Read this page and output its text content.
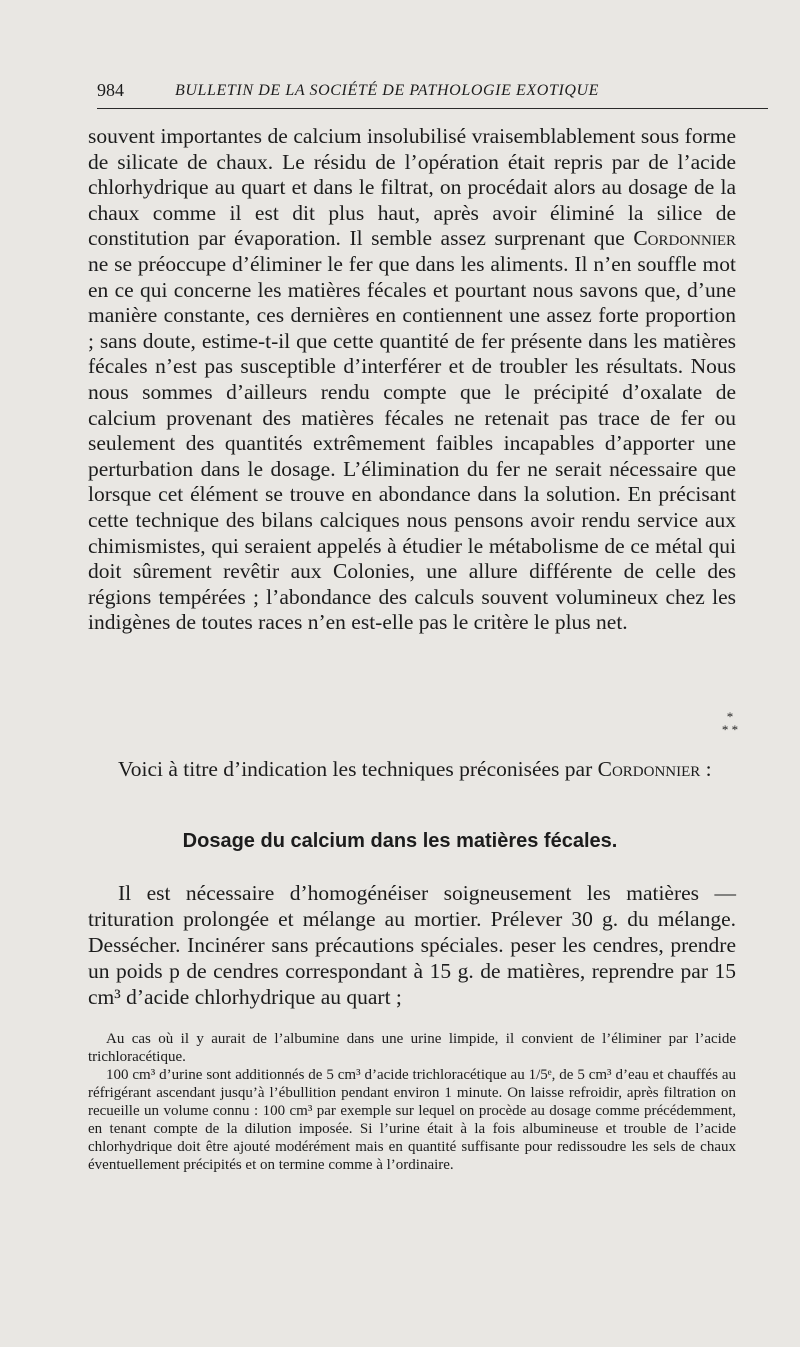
984	BULLETIN DE LA SOCIÉTÉ DE PATHOLOGIE EXOTIQUE

souvent importantes de calcium insolubilisé vraisemblablement sous forme de silicate de chaux. Le résidu de l’opération était repris par de l’acide chlorhydrique au quart et dans le filtrat, on procédait alors au dosage de la chaux comme il est dit plus haut, après avoir éliminé la silice de constitution par évaporation. Il semble assez surprenant que Cordonnier ne se préoccupe d’éliminer le fer que dans les aliments. Il n’en souffle mot en ce qui concerne les matières fécales et pourtant nous savons que, d’une manière constante, ces dernières en contiennent une assez forte proportion ; sans doute, estime-t-il que cette quantité de fer présente dans les matières fécales n’est pas susceptible d’interférer et de troubler les résultats. Nous nous sommes d’ailleurs rendu compte que le précipité d’oxalate de calcium provenant des matières fécales ne retenait pas trace de fer ou seulement des quantités extrêmement faibles incapables d’apporter une perturbation dans le dosage. L’élimination du fer ne serait nécessaire que lorsque cet élément se trouve en abondance dans la solution. En précisant cette technique des bilans calciques nous pensons avoir rendu service aux chimismistes, qui seraient appelés à étudier le métabolisme de ce métal qui doit sûrement revêtir aux Colonies, une allure différente de celle des régions tempérées ; l’abondance des calculs souvent volumineux chez les indigènes de toutes races n’en est-elle pas le critère le plus net.

*
* *

Voici à titre d’indication les techniques préconisées par Cordonnier :

Dosage du calcium dans les matières fécales.

Il est nécessaire d’homogénéiser soigneusement les matières — trituration prolongée et mélange au mortier. Prélever 30 g. du mélange. Dessécher. Incinérer sans précautions spéciales. peser les cendres, prendre un poids p de cendres correspondant à 15 g. de matières, reprendre par 15 cm³ d’acide chlorhydrique au quart ;

Au cas où il y aurait de l’albumine dans une urine limpide, il convient de l’éliminer par l’acide trichloracétique.

100 cm³ d’urine sont additionnés de 5 cm³ d’acide trichloracétique au 1/5ᵉ, de 5 cm³ d’eau et chauffés au réfrigérant ascendant jusqu’à l’ébullition pendant environ 1 minute. On laisse refroidir, après filtration on recueille un volume connu : 100 cm³ par exemple sur lequel on procède au dosage comme précédemment, en tenant compte de la dilution imposée. Si l’urine était à la fois albumineuse et trouble de l’acide chlorhydrique doit être ajouté modérément mais en quantité suffisante pour redissoudre les sels de chaux éventuellement précipités et on termine comme à l’ordinaire.
